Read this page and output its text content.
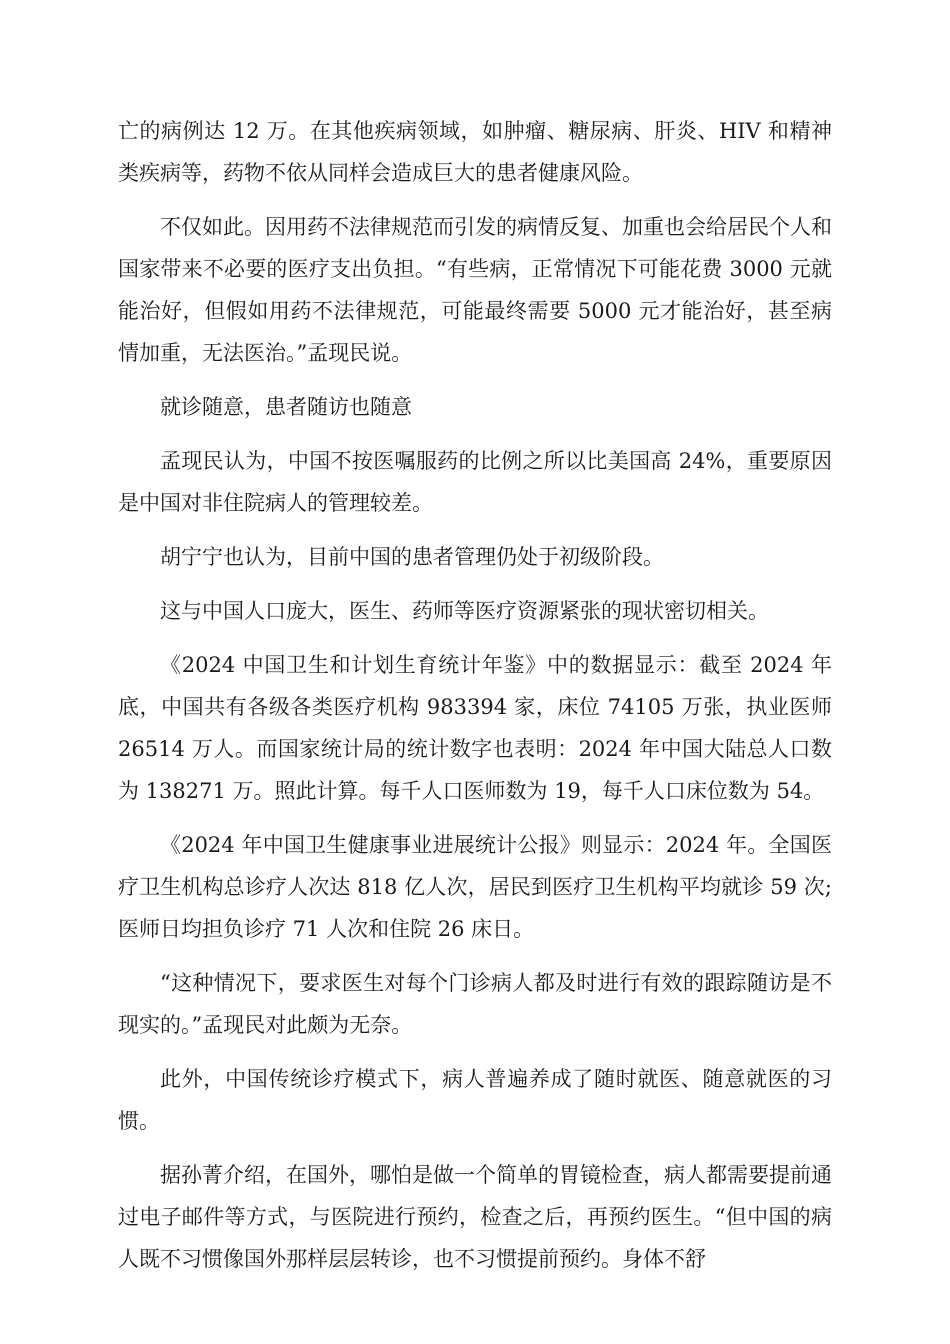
亡的病例达 12 万。在其他疾病领域，如肿瘤、糖尿病、肝炎、HIV 和精神类疾病等，药物不依从同样会造成巨大的患者健康风险。

不仅如此。因用药不法律规范而引发的病情反复、加重也会给居民个人和国家带来不必要的医疗支出负担。“有些病，正常情况下可能花费 3000 元就能治好，但假如用药不法律规范，可能最终需要 5000 元才能治好，甚至病情加重，无法医治。”孟现民说。

就诊随意，患者随访也随意

孟现民认为，中国不按医嘱服药的比例之所以比美国高 24%，重要原因是中国对非住院病人的管理较差。

胡宁宁也认为，目前中国的患者管理仍处于初级阶段。

这与中国人口庞大，医生、药师等医疗资源紧张的现状密切相关。

《2024 中国卫生和计划生育统计年鉴》中的数据显示：截至 2024 年底，中国共有各级各类医疗机构 983394 家，床位 74105 万张，执业医师 26514 万人。而国家统计局的统计数字也表明：2024 年中国大陆总人口数为 138271 万。照此计算。每千人口医师数为 19，每千人口床位数为 54。

《2024 年中国卫生健康事业进展统计公报》则显示：2024 年。全国医疗卫生机构总诊疗人次达 818 亿人次，居民到医疗卫生机构平均就诊 59 次;医师日均担负诊疗 71 人次和住院 26 床日。

“这种情况下，要求医生对每个门诊病人都及时进行有效的跟踪随访是不现实的。”孟现民对此颇为无奈。

此外，中国传统诊疗模式下，病人普遍养成了随时就医、随意就医的习惯。

据孙菁介绍，在国外，哪怕是做一个简单的胃镜检查，病人都需要提前通过电子邮件等方式，与医院进行预约，检查之后，再预约医生。“但中国的病人既不习惯像国外那样层层转诊，也不习惯提前预约。身体不舒
